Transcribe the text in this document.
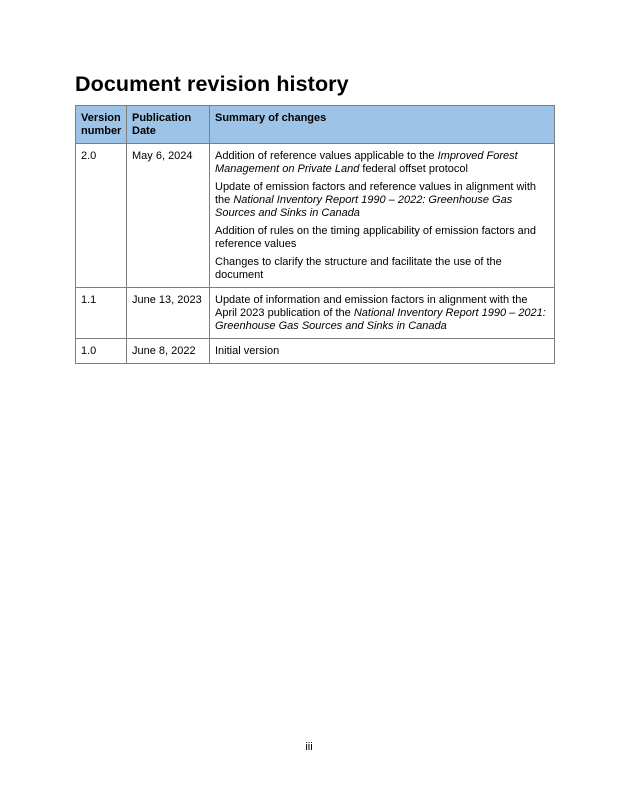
Document revision history
Version number	Publication Date	Summary of changes
2.0	May 6, 2024	Addition of reference values applicable to the Improved Forest Management on Private Land federal offset protocol

Update of emission factors and reference values in alignment with the National Inventory Report 1990 – 2022: Greenhouse Gas Sources and Sinks in Canada

Addition of rules on the timing applicability of emission factors and reference values

Changes to clarify the structure and facilitate the use of the document

1.1	June 13, 2023	Update of information and emission factors in alignment with the April 2023 publication of the National Inventory Report 1990 – 2021: Greenhouse Gas Sources and Sinks in Canada

1.0	June 8, 2022	Initial version

iii
